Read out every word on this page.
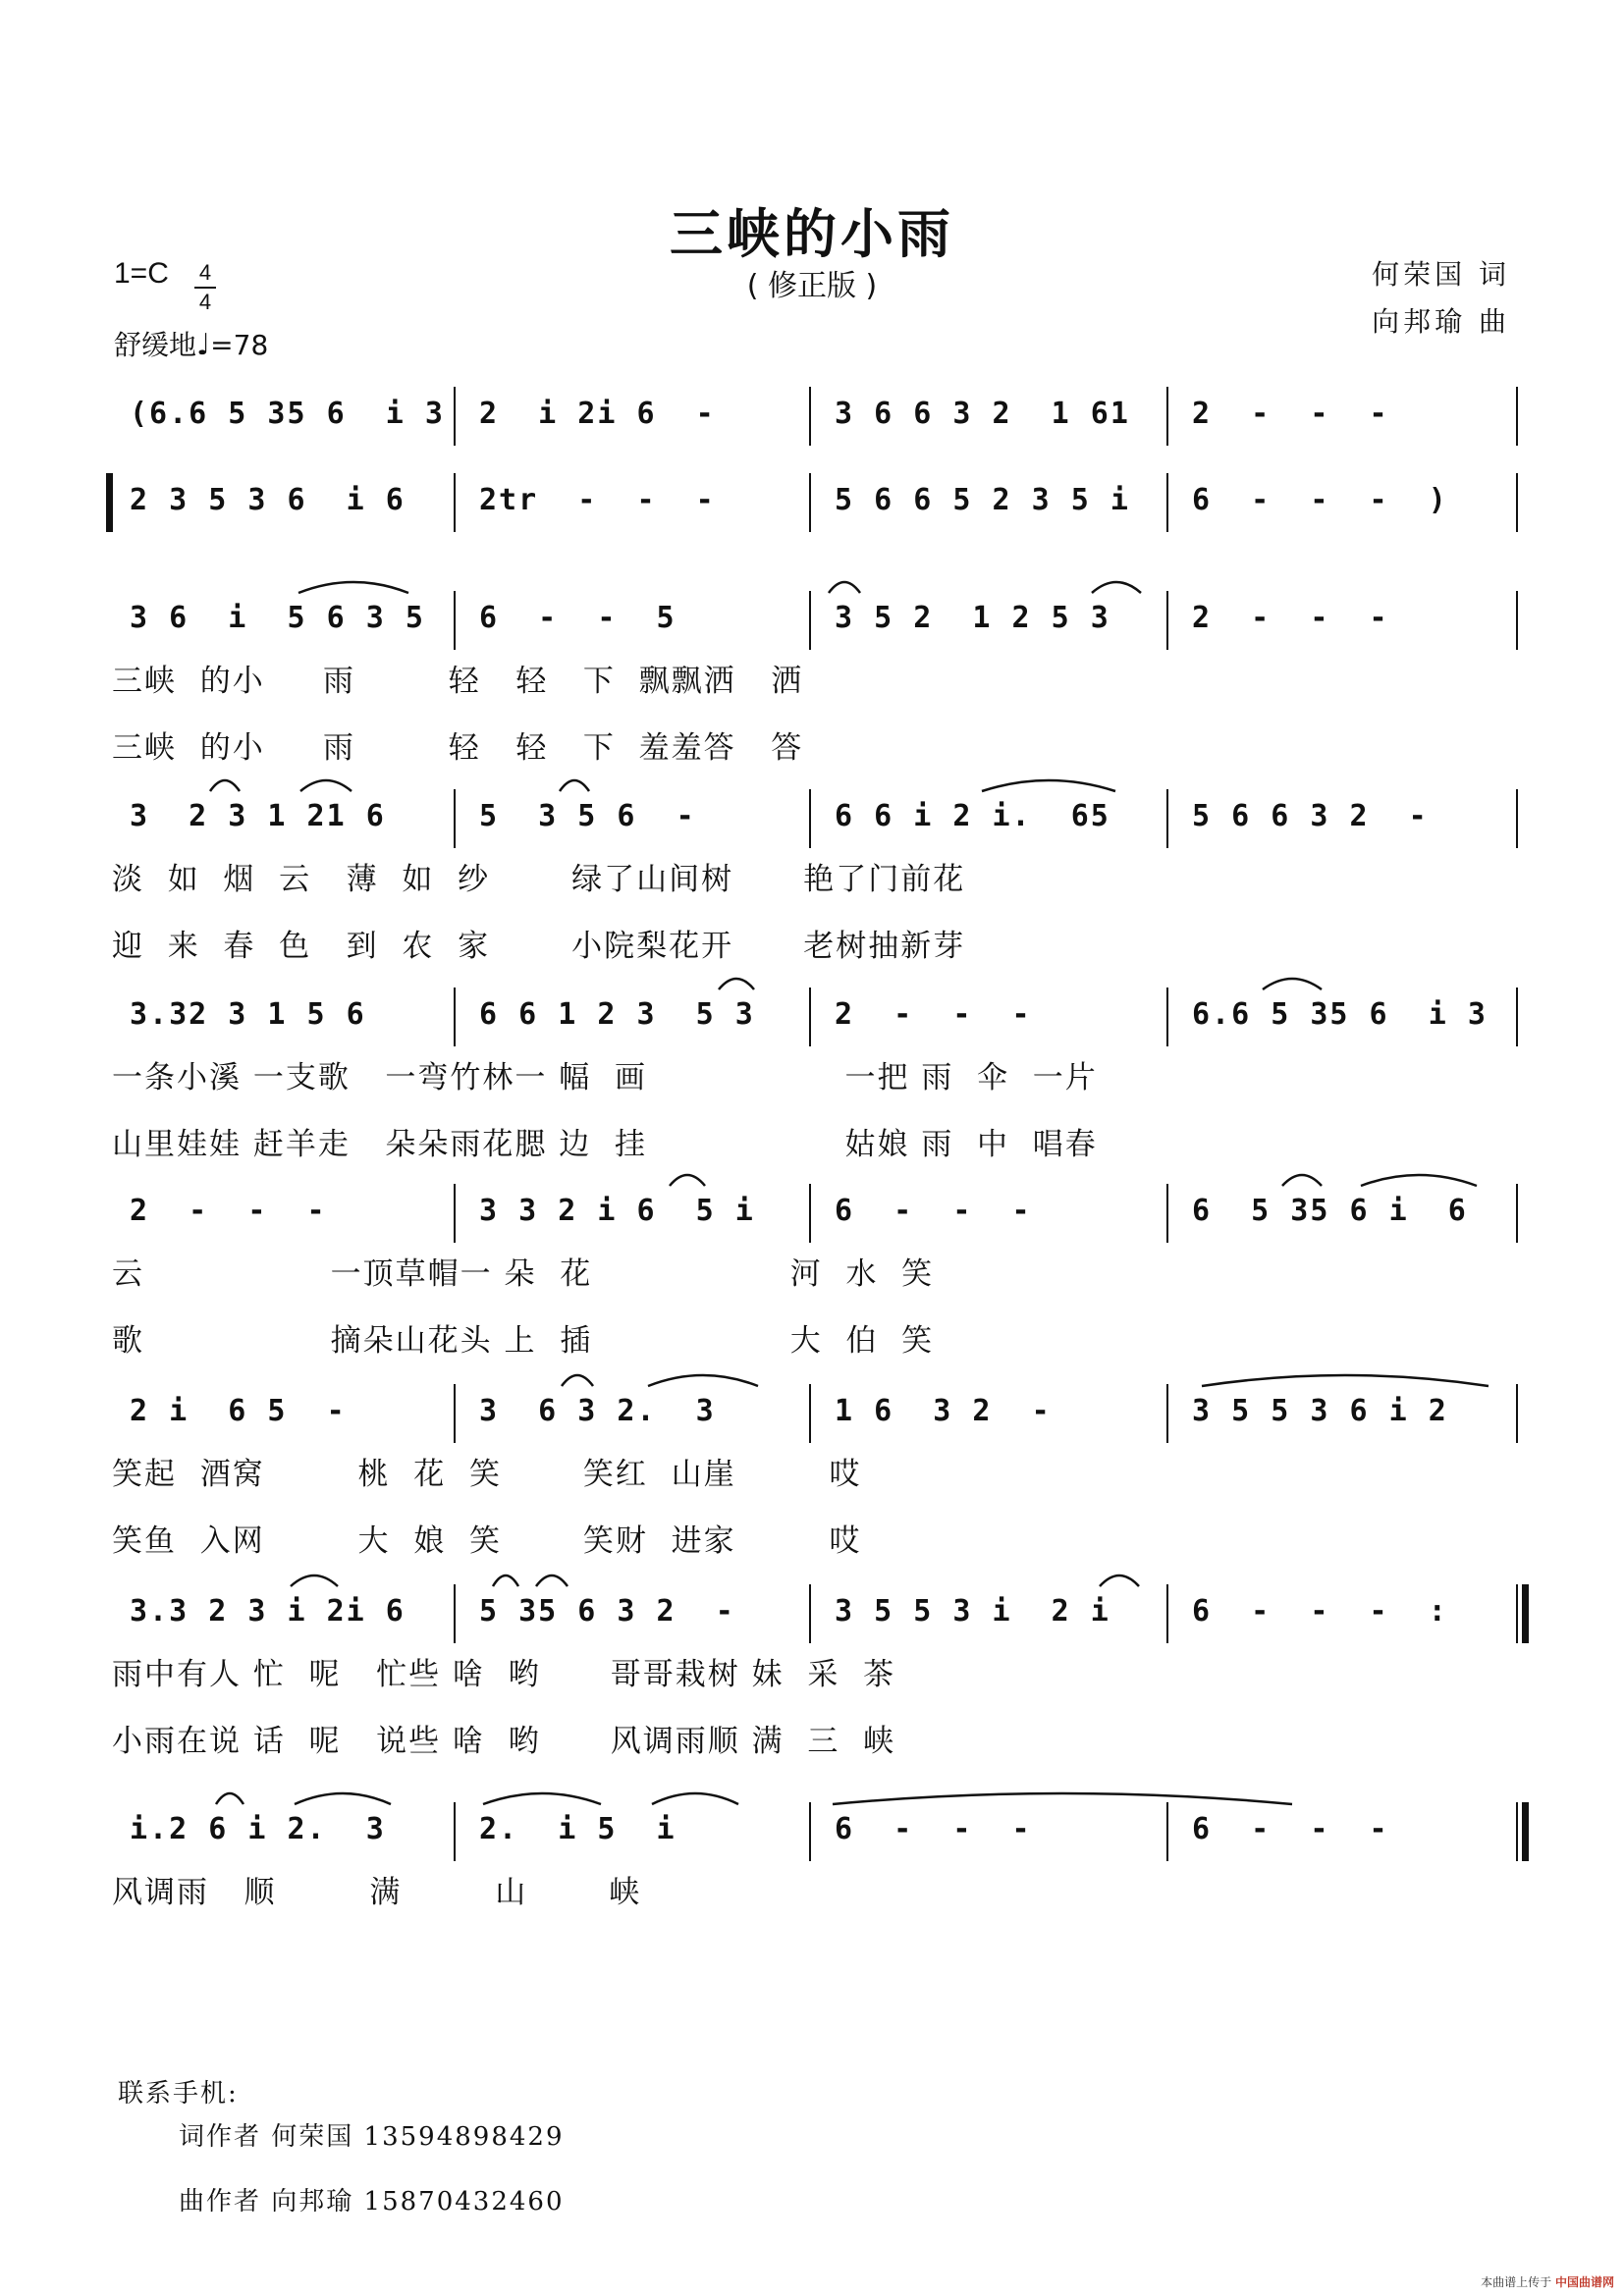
三峡的小雨
( 修正版 )	何荣国 词
向邦瑜 曲
1=C 4
4
舒缓地♩=78
(6.6 5 35 6  i 3 2  i 2i 6  -	3 6 6 3 2  1 61 2  -  -  -
2 3 5 3 6  i 6	2tr  -  -  -	5 6 6 5 2 3 5 i 6  -  -  -  )
3 6  i  5 6 3 5 6  -  -  5	3 5 2  1 2 5 3	2  -  -  -
三峡  的小     雨        轻   轻   下  飘飘洒   洒
三峡  的小     雨        轻   轻   下  羞羞答   答
3  2 3 1 21 6	5  3 5 6  -	6 6 i 2 i.  65	5 6 6 3 2  -
淡  如  烟  云   薄  如  纱       绿了山间树      艳了门前花
迎  来  春  色   到  农  家       小院梨花开      老树抽新芽
3.32 3 1 5 6	6 6 1 2 3  5 3	2  -  -  -	6.6 5 35 6  i 3
一条小溪 一支歌   一弯竹林一 幅  画                 一把 雨  伞  一片
山里娃娃 赶羊走   朵朵雨花腮 边  挂                 姑娘 雨  中  唱春
2  -  -  -	3 3 2 i 6  5 i	6  -  -  -	6  5 35 6 i  6
云                一顶草帽一 朵  花                 河  水  笑
歌                摘朵山花头 上  插                 大  伯  笑
2 i  6 5  -	3  6 3 2.  3	1 6  3 2  -	3 5 5 3 6 i 2
笑起  酒窝        桃  花  笑       笑红  山崖        哎
笑鱼  入网        大  娘  笑       笑财  进家        哎
3.3 2 3 i 2i 6	5 35 6 3 2  -	3 5 5 3 i  2 i	6  -  -  -  :
雨中有人 忙  呢   忙些 啥  哟      哥哥栽树 妹  采  茶
小雨在说 话  呢   说些 啥  哟      风调雨顺 满  三  峡
i.2 6 i 2.  3	2.  i 5  i	6  -  -  -	6  -  -  -
风调雨   顺        满        山       峡
联系手机:
词作者 何荣国 13594898429
曲作者 向邦瑜 15870432460
本曲谱上传于 中国曲谱网
